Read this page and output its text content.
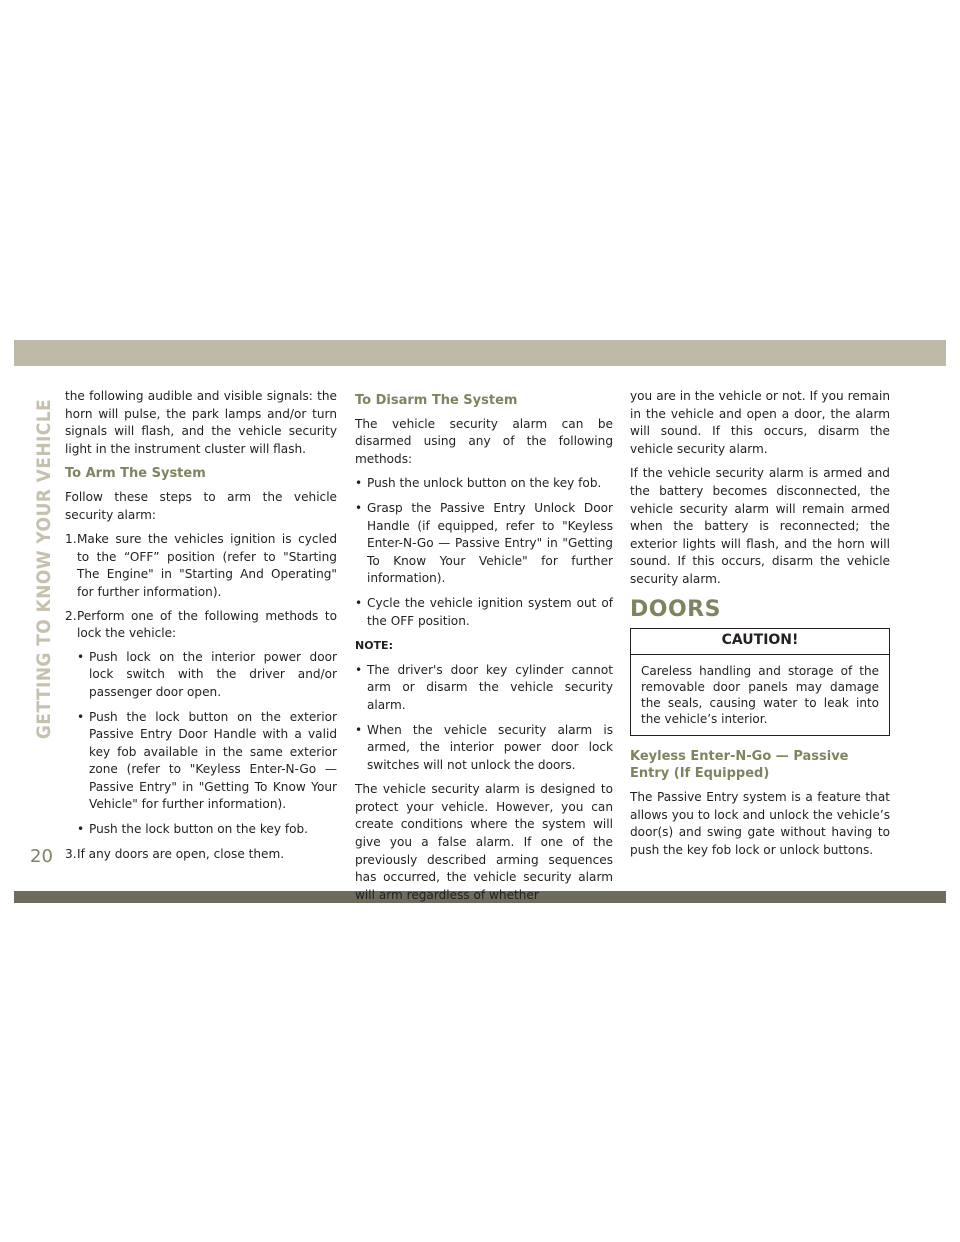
GETTING TO KNOW YOUR VEHICLE
20

the following audible and visible signals: the horn will pulse, the park lamps and/or turn signals will flash, and the vehicle security light in the instrument cluster will flash.

To Arm The System

Follow these steps to arm the vehicle security alarm:

1. Make sure the vehicles ignition is cycled to the “OFF” position (refer to "Starting The Engine" in "Starting And Operating" for further information).
2. Perform one of the following methods to lock the vehicle:
• Push lock on the interior power door lock switch with the driver and/or passenger door open.
• Push the lock button on the exterior Passive Entry Door Handle with a valid key fob available in the same exterior zone (refer to "Keyless Enter-N-Go — Passive Entry" in "Getting To Know Your Vehicle" for further information).
• Push the lock button on the key fob.
3. If any doors are open, close them.
To Disarm The System

The vehicle security alarm can be disarmed using any of the following methods:

• Push the unlock button on the key fob.
• Grasp the Passive Entry Unlock Door Handle (if equipped, refer to "Keyless Enter-N-Go — Passive Entry" in "Getting To Know Your Vehicle" for further information).
• Cycle the vehicle ignition system out of the OFF position.

NOTE:

• The driver's door key cylinder cannot arm or disarm the vehicle security alarm.
• When the vehicle security alarm is armed, the interior power door lock switches will not unlock the doors.

The vehicle security alarm is designed to protect your vehicle. However, you can create conditions where the system will give you a false alarm. If one of the previously described arming sequences has occurred, the vehicle security alarm will arm regardless of whether

you are in the vehicle or not. If you remain in the vehicle and open a door, the alarm will sound. If this occurs, disarm the vehicle security alarm.

If the vehicle security alarm is armed and the battery becomes disconnected, the vehicle security alarm will remain armed when the battery is reconnected; the exterior lights will flash, and the horn will sound. If this occurs, disarm the vehicle security alarm.

DOORS
CAUTION!
Careless handling and storage of the removable door panels may damage the seals, causing water to leak into the vehicle’s interior.
Keyless Enter-N-Go — Passive Entry (If Equipped)

The Passive Entry system is a feature that allows you to lock and unlock the vehicle’s door(s) and swing gate without having to push the key fob lock or unlock buttons.
